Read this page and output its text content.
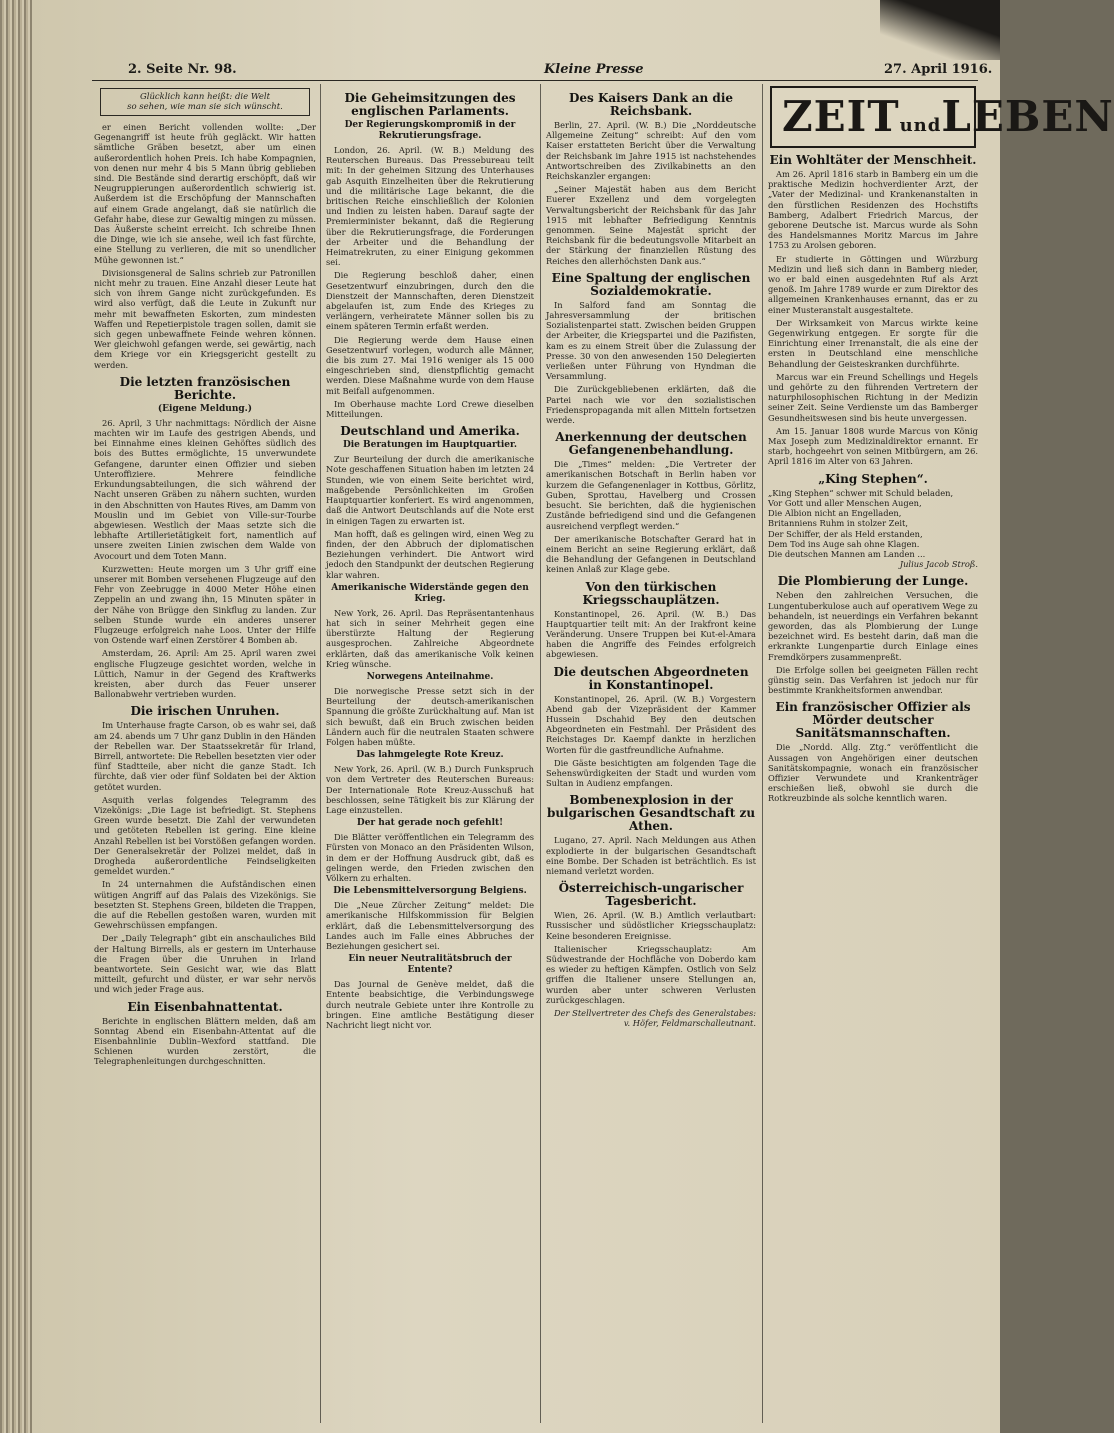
2. Seite Nr. 98.	Kleine Presse	27. April 1916.
Glücklich kann heißt: die Welt
so sehen, wie man sie sich wünscht.

er einen Bericht vollenden wollte: „Der Gegenangriff ist heute früh gegläckt. Wir hatten sämtliche Gräben besetzt, aber um einen außerordentlich hohen Preis. Ich habe Kompagnien, von denen nur mehr 4 bis 5 Mann übrig geblieben sind. Die Bestände sind derartig erschöpft, daß wir Neugruppierungen außerordentlich schwierig ist. Außerdem ist die Erschöpfung der Mannschaften auf einem Grade angelangt, daß sie natürlich die Gefahr habe, diese zur Gewaltig mingen zu müssen. Das Äußerste scheint erreicht. Ich schreibe Ihnen die Dinge, wie ich sie ansehe, weil ich fast fürchte, eine Stellung zu verlieren, die mit so unendlicher Mühe gewonnen ist.“

Divisionsgeneral de Salins schrieb zur Patronillen nicht mehr zu trauen. Eine Anzahl dieser Leute hat sich von ihrem Gange nicht zurückgefunden. Es wird also verfügt, daß die Leute in Zukunft nur mehr mit bewaffneten Eskorten, zum mindesten Waffen und Repetierpistole tragen sollen, damit sie sich gegen unbewaffnete Feinde wehren können. Wer gleichwohl gefangen werde, sei gewärtig, nach dem Kriege vor ein Kriegsgericht gestellt zu werden.

Die letzten französischen Berichte.
(Eigene Meldung.)

26. April, 3 Uhr nachmittags: Nördlich der Aisne machten wir im Laufe des gestrigen Abends, und bei Einnahme eines kleinen Gehöftes südlich des bois des Buttes ermöglichte, 15 unverwundete Gefangene, darunter einen Offizier und sieben Unteroffiziere. Mehrere feindliche Erkundungsabteilungen, die sich während der Nacht unseren Gräben zu nähern suchten, wurden in den Abschnitten von Hautes Rives, am Damm von Mouslin und im Gebiet von Ville-sur-Tourbe abgewiesen. Westlich der Maas setzte sich die lebhafte Artillerietätigkeit fort, namentlich auf unsere zweiten Linien zwischen dem Walde von Avocourt und dem Toten Mann.

Kurzwetten: Heute morgen um 3 Uhr griff eine unserer mit Bomben versehenen Flugzeuge auf den Fehr von Zeebrugge in 4000 Meter Höhe einen Zeppelin an und zwang ihn, 15 Minuten später in der Nähe von Brügge den Sinkflug zu landen. Zur selben Stunde wurde ein anderes unserer Flugzeuge erfolgreich nahe Loos. Unter der Hilfe von Ostende warf einen Zerstörer 4 Bomben ab.

Amsterdam, 26. April: Am 25. April waren zwei englische Flugzeuge gesichtet worden, welche in Lüttich, Namur in der Gegend des Kraftwerks kreisten, aber durch das Feuer unserer Ballonabwehr vertrieben wurden.

Die irischen Unruhen.

Im Unterhause fragte Carson, ob es wahr sei, daß am 24. abends um 7 Uhr ganz Dublin in den Händen der Rebellen war. Der Staatssekretär für Irland, Birrell, antwortete: Die Rebellen besetzten vier oder fünf Stadtteile, aber nicht die ganze Stadt. Ich fürchte, daß vier oder fünf Soldaten bei der Aktion getötet wurden.

Asquith verlas folgendes Telegramm des Vizekönigs: „Die Lage ist befriedigt. St. Stephens Green wurde besetzt. Die Zahl der verwundeten und getöteten Rebellen ist gering. Eine kleine Anzahl Rebellen ist bei Vorstößen gefangen worden. Der Generalsekretär der Polizei meldet, daß in Drogheda außerordentliche Feindseligkeiten gemeldet wurden.“

In 24 unternahmen die Aufständischen einen wütigen Angriff auf das Palais des Vizekönigs. Sie besetzten St. Stephens Green, bildeten die Trappen, die auf die Rebellen gestoßen waren, wurden mit Gewehrschüssen empfangen.

Der „Daily Telegraph“ gibt ein anschauliches Bild der Haltung Birrells, als er gestern im Unterhause die Fragen über die Unruhen in Irland beantwortete. Sein Gesicht war, wie das Blatt mitteilt, gefurcht und düster, er war sehr nervös und wich jeder Frage aus.

Ein Eisenbahnattentat.

Berichte in englischen Blättern melden, daß am Sonntag Abend ein Eisenbahn-Attentat auf die Eisenbahnlinie Dublin–Wexford stattfand. Die Schienen wurden zerstört, die Telegraphenleitungen durchgeschnitten.

Die Geheimsitzungen des englischen Parlaments.
Der Regierungskompromiß in der Rekrutierungsfrage.

London, 26. April. (W. B.) Meldung des Reuterschen Bureaus. Das Pressebureau teilt mit: In der geheimen Sitzung des Unterhauses gab Asquith Einzelheiten über die Rekrutierung und die militärische Lage bekannt, die die britischen Reiche einschließlich der Kolonien und Indien zu leisten haben. Darauf sagte der Premierminister bekannt, daß die Regierung über die Rekrutierungsfrage, die Forderungen der Arbeiter und die Behandlung der Heimatrekruten, zu einer Einigung gekommen sei.

Die Regierung beschloß daher, einen Gesetzentwurf einzubringen, durch den die Dienstzeit der Mannschaften, deren Dienstzeit abgelaufen ist, zum Ende des Krieges zu verlängern, verheiratete Männer sollen bis zu einem späteren Termin erfaßt werden.

Die Regierung werde dem Hause einen Gesetzentwurf vorlegen, wodurch alle Männer, die bis zum 27. Mai 1916 weniger als 15 000 eingeschrieben sind, dienstpflichtig gemacht werden. Diese Maßnahme wurde von dem Hause mit Beifall aufgenommen.

Im Oberhause machte Lord Crewe dieselben Mitteilungen.

Deutschland und Amerika.
Die Beratungen im Hauptquartier.

Zur Beurteilung der durch die amerikanische Note geschaffenen Situation haben im letzten 24 Stunden, wie von einem Seite berichtet wird, maßgebende Persönlichkeiten im Großen Hauptquartier konferiert. Es wird angenommen, daß die Antwort Deutschlands auf die Note erst in einigen Tagen zu erwarten ist.

Man hofft, daß es gelingen wird, einen Weg zu finden, der den Abbruch der diplomatischen Beziehungen verhindert. Die Antwort wird jedoch den Standpunkt der deutschen Regierung klar wahren.

Amerikanische Widerstände gegen den Krieg.

New York, 26. April. Das Repräsentantenhaus hat sich in seiner Mehrheit gegen eine überstürzte Haltung der Regierung ausgesprochen. Zahlreiche Abgeordnete erklärten, daß das amerikanische Volk keinen Krieg wünsche.

Norwegens Anteilnahme.

Die norwegische Presse setzt sich in der Beurteilung der deutsch-amerikanischen Spannung die größte Zurückhaltung auf. Man ist sich bewußt, daß ein Bruch zwischen beiden Ländern auch für die neutralen Staaten schwere Folgen haben müßte.

Das lahmgelegte Rote Kreuz.

New York, 26. April. (W. B.) Durch Funkspruch von dem Vertreter des Reuterschen Bureaus: Der Internationale Rote Kreuz-Ausschuß hat beschlossen, seine Tätigkeit bis zur Klärung der Lage einzustellen.

Der hat gerade noch gefehlt!

Die Blätter veröffentlichen ein Telegramm des Fürsten von Monaco an den Präsidenten Wilson, in dem er der Hoffnung Ausdruck gibt, daß es gelingen werde, den Frieden zwischen den Völkern zu erhalten.

Die Lebensmittelversorgung Belgiens.

Die „Neue Zürcher Zeitung“ meldet: Die amerikanische Hilfskommission für Belgien erklärt, daß die Lebensmittelversorgung des Landes auch im Falle eines Abbruches der Beziehungen gesichert sei.

Ein neuer Neutralitätsbruch der Entente?

Das Journal de Genève meldet, daß die Entente beabsichtige, die Verbindungswege durch neutrale Gebiete unter ihre Kontrolle zu bringen. Eine amtliche Bestätigung dieser Nachricht liegt nicht vor.

Des Kaisers Dank an die Reichsbank.

Berlin, 27. April. (W. B.) Die „Norddeutsche Allgemeine Zeitung“ schreibt: Auf den vom Kaiser erstatteten Bericht über die Verwaltung der Reichsbank im Jahre 1915 ist nachstehendes Antwortschreiben des Zivilkabinetts an den Reichskanzler ergangen:

„Seiner Majestät haben aus dem Bericht Euerer Exzellenz und dem vorgelegten Verwaltungsbericht der Reichsbank für das Jahr 1915 mit lebhafter Befriedigung Kenntnis genommen. Seine Majestät spricht der Reichsbank für die bedeutungsvolle Mitarbeit an der Stärkung der finanziellen Rüstung des Reiches den allerhöchsten Dank aus.“

Eine Spaltung der englischen Sozialdemokratie.

In Salford fand am Sonntag die Jahresversammlung der britischen Sozialistenpartei statt. Zwischen beiden Gruppen der Arbeiter, die Kriegspartei und die Pazifisten, kam es zu einem Streit über die Zulassung der Presse. 30 von den anwesenden 150 Delegierten verließen unter Führung von Hyndman die Versammlung.

Die Zurückgebliebenen erklärten, daß die Partei nach wie vor den sozialistischen Friedenspropaganda mit allen Mitteln fortsetzen werde.

Anerkennung der deutschen Gefangenenbehandlung.

Die „Times“ melden: „Die Vertreter der amerikanischen Botschaft in Berlin haben vor kurzem die Gefangenenlager in Kottbus, Görlitz, Guben, Sprottau, Havelberg und Crossen besucht. Sie berichten, daß die hygienischen Zustände befriedigend sind und die Gefangenen ausreichend verpflegt werden.“

Der amerikanische Botschafter Gerard hat in einem Bericht an seine Regierung erklärt, daß die Behandlung der Gefangenen in Deutschland keinen Anlaß zur Klage gebe.

Von den türkischen Kriegsschauplätzen.

Konstantinopel, 26. April. (W. B.) Das Hauptquartier teilt mit: An der Irakfront keine Veränderung. Unsere Truppen bei Kut-el-Amara haben die Angriffe des Feindes erfolgreich abgewiesen.

Die deutschen Abgeordneten in Konstantinopel.

Konstantinopel, 26. April. (W. B.) Vorgestern Abend gab der Vizepräsident der Kammer Hussein Dschahid Bey den deutschen Abgeordneten ein Festmahl. Der Präsident des Reichstages Dr. Kaempf dankte in herzlichen Worten für die gastfreundliche Aufnahme.

Die Gäste besichtigten am folgenden Tage die Sehenswürdigkeiten der Stadt und wurden vom Sultan in Audienz empfangen.

Bombenexplosion in der bulgarischen Gesandtschaft zu Athen.

Lugano, 27. April. Nach Meldungen aus Athen explodierte in der bulgarischen Gesandtschaft eine Bombe. Der Schaden ist beträchtlich. Es ist niemand verletzt worden.

Österreichisch-ungarischer Tagesbericht.

Wien, 26. April. (W. B.) Amtlich verlautbart: Russischer und südöstlicher Kriegsschauplatz: Keine besonderen Ereignisse.

Italienischer Kriegsschauplatz: Am Südwestrande der Hochfläche von Doberdo kam es wieder zu heftigen Kämpfen. Ostlich von Selz griffen die Italiener unsere Stellungen an, wurden aber unter schweren Verlusten zurückgeschlagen.

Der Stellvertreter des Chefs des Generalstabes: v. Höfer, Feldmarschalleutnant.

ZEITundLEBEN
Ein Wohltäter der Menschheit.

Am 26. April 1816 starb in Bamberg ein um die praktische Medizin hochverdienter Arzt, der „Vater der Medizinal- und Krankenanstalten in den fürstlichen Residenzen des Hochstifts Bamberg, Adalbert Friedrich Marcus, der geborene Deutsche ist. Marcus wurde als Sohn des Handelsmannes Moritz Marcus im Jahre 1753 zu Arolsen geboren.

Er studierte in Göttingen und Würzburg Medizin und ließ sich dann in Bamberg nieder, wo er bald einen ausgedehnten Ruf als Arzt genoß. Im Jahre 1789 wurde er zum Direktor des allgemeinen Krankenhauses ernannt, das er zu einer Musteranstalt ausgestaltete.

Der Wirksamkeit von Marcus wirkte keine Gegenwirkung entgegen. Er sorgte für die Einrichtung einer Irrenanstalt, die als eine der ersten in Deutschland eine menschliche Behandlung der Geisteskranken durchführte.

Marcus war ein Freund Schellings und Hegels und gehörte zu den führenden Vertretern der naturphilosophischen Richtung in der Medizin seiner Zeit. Seine Verdienste um das Bamberger Gesundheitswesen sind bis heute unvergessen.

Am 15. Januar 1808 wurde Marcus von König Max Joseph zum Medizinaldirektor ernannt. Er starb, hochgeehrt von seinen Mitbürgern, am 26. April 1816 im Alter von 63 Jahren.

„King Stephen“.

„King Stephen“ schwer mit Schuld beladen,

Vor Gott und aller Menschen Augen,

Die Albion nicht an Engelladen,

Britanniens Ruhm in stolzer Zeit,

Der Schiffer, der als Held erstanden,

Dem Tod ins Auge sah ohne Klagen.

Die deutschen Mannen am Landen ...

Julius Jacob Stroß.

Die Plombierung der Lunge.

Neben den zahlreichen Versuchen, die Lungentuberkulose auch auf operativem Wege zu behandeln, ist neuerdings ein Verfahren bekannt geworden, das als Plombierung der Lunge bezeichnet wird. Es besteht darin, daß man die erkrankte Lungenpartie durch Einlage eines Fremdkörpers zusammenpreßt.

Die Erfolge sollen bei geeigneten Fällen recht günstig sein. Das Verfahren ist jedoch nur für bestimmte Krankheitsformen anwendbar.

Ein französischer Offizier als Mörder deutscher Sanitätsmannschaften.

Die „Nordd. Allg. Ztg.“ veröffentlicht die Aussagen von Angehörigen einer deutschen Sanitätskompagnie, wonach ein französischer Offizier Verwundete und Krankenträger erschießen ließ, obwohl sie durch die Rotkreuzbinde als solche kenntlich waren.
